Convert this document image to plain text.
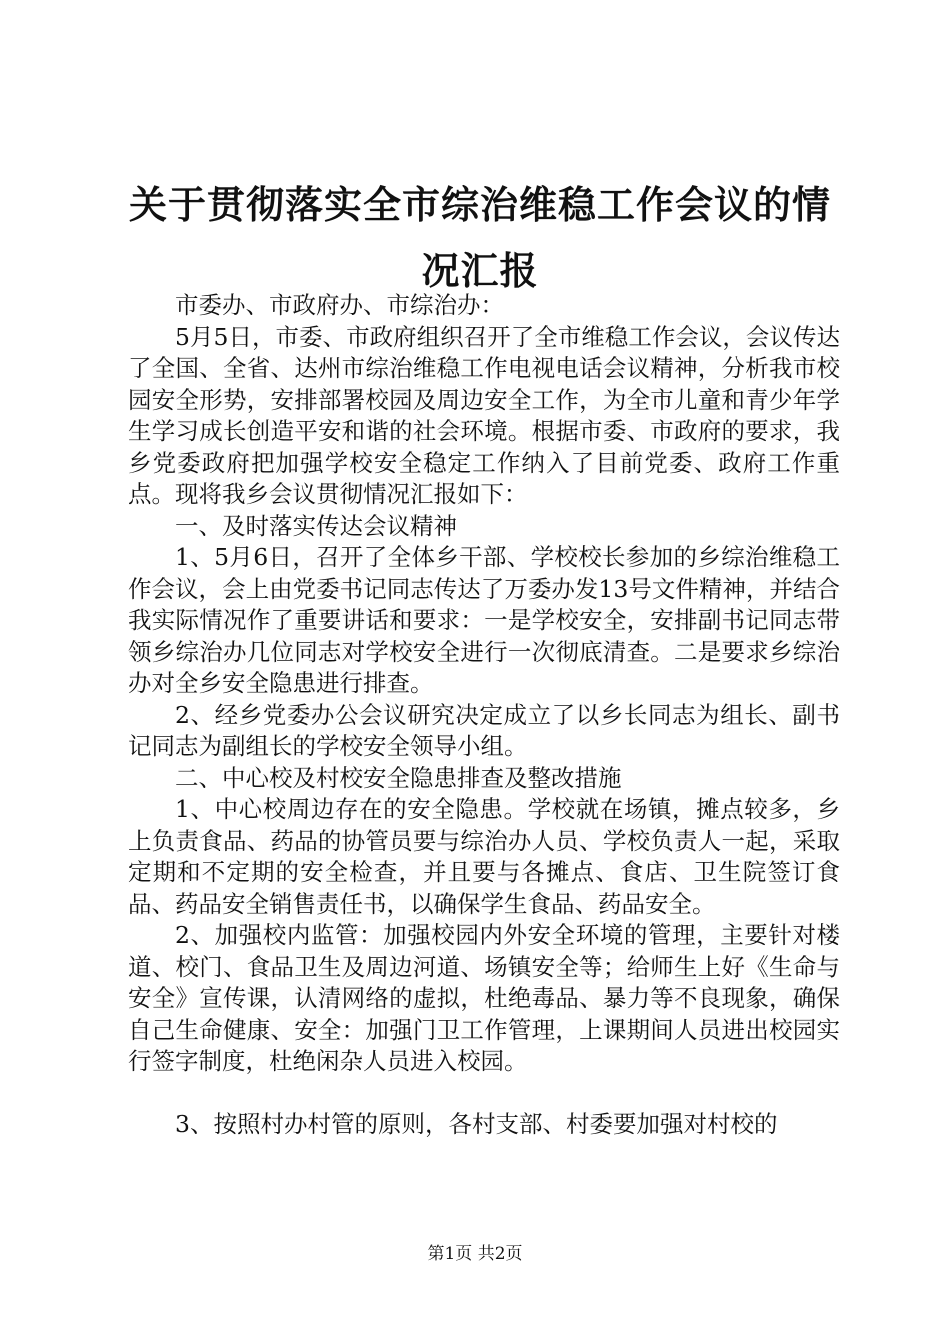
关于贯彻落实全市综治维稳工作会议的情况汇报

市委办、市政府办、市综治办：

5月5日，市委、市政府组织召开了全市维稳工作会议，会议传达了全国、全省、达州市综治维稳工作电视电话会议精神，分析我市校园安全形势，安排部署校园及周边安全工作，为全市儿童和青少年学生学习成长创造平安和谐的社会环境。根据市委、市政府的要求，我乡党委政府把加强学校安全稳定工作纳入了目前党委、政府工作重点。现将我乡会议贯彻情况汇报如下：

一、及时落实传达会议精神

1、5月6日，召开了全体乡干部、学校校长参加的乡综治维稳工作会议，会上由党委书记同志传达了万委办发13号文件精神，并结合我实际情况作了重要讲话和要求：一是学校安全，安排副书记同志带领乡综治办几位同志对学校安全进行一次彻底清查。二是要求乡综治办对全乡安全隐患进行排查。

2、经乡党委办公会议研究决定成立了以乡长同志为组长、副书记同志为副组长的学校安全领导小组。

二、中心校及村校安全隐患排查及整改措施

1、中心校周边存在的安全隐患。学校就在场镇，摊点较多，乡上负责食品、药品的协管员要与综治办人员、学校负责人一起，采取定期和不定期的安全检查，并且要与各摊点、食店、卫生院签订食品、药品安全销售责任书，以确保学生食品、药品安全。

2、加强校内监管：加强校园内外安全环境的管理，主要针对楼道、校门、食品卫生及周边河道、场镇安全等；给师生上好《生命与安全》宣传课，认清网络的虚拟，杜绝毒品、暴力等不良现象，确保自己生命健康、安全：加强门卫工作管理，上课期间人员进出校园实行签字制度，杜绝闲杂人员进入校园。

3、按照村办村管的原则，各村支部、村委要加强对村校的

第1页 共2页
